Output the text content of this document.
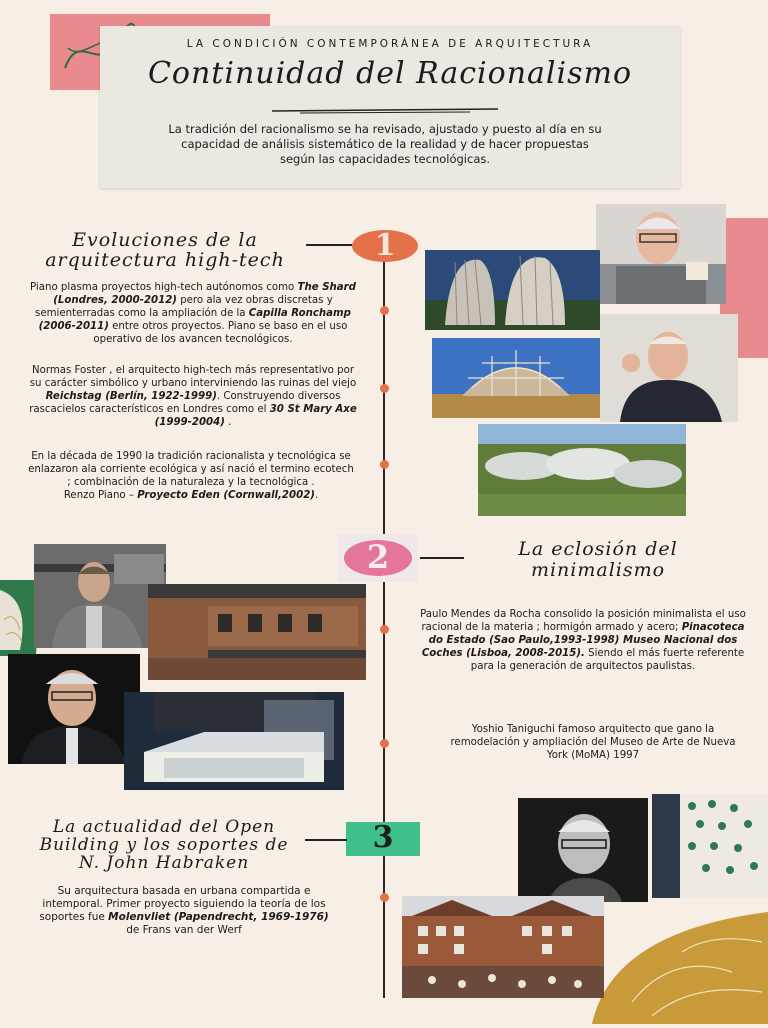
LA CONDICIÓN CONTEMPORÁNEA DE ARQUITECTURA
Continuidad del Racionalismo
La tradición del racionalismo se ha revisado, ajustado y puesto al día en su capacidad de análisis sistemático de la realidad y de hacer propuestas según las capacidades tecnológicas.
1
Evoluciones de la
arquitectura high-tech
Piano plasma proyectos high-tech autónomos como The Shard (Londres, 2000-2012) pero ala vez obras discretas y semienterradas como la ampliación de la Capilla Ronchamp (2006-2011) entre otros proyectos. Piano se baso en el uso operativo de los avancen tecnológicos.
Normas Foster , el arquitecto high-tech más representativo por su carácter simbólico y urbano interviniendo las ruinas del viejo Reichstag (Berlín, 1922-1999). Construyendo diversos rascacielos característicos en Londres como el 30 St Mary Axe (1999-2004) .
En la década de 1990 la tradición racionalista y tecnológica se enlazaron ala corriente ecológica y así nació el termino ecotech ; combinación de la naturaleza y la tecnológica .
Renzo Piano – Proyecto Eden (Cornwall,2002).
2	La eclosión del
minimalismo
Paulo Mendes da Rocha consolido la posición minimalista el uso racional de la materia ; hormigón armado y acero; Pinacoteca do Estado (Sao Paulo,1993-1998) Museo Nacional dos Coches (Lisboa, 2008-2015). Siendo el más fuerte referente para la generación de arquitectos paulistas.
Yoshio Taniguchi famoso arquitecto que gano la remodelación y ampliación del Museo de Arte de Nueva York (MoMA) 1997
3
La actualidad del Open
Building y los soportes de
N. John Habraken
Su arquitectura basada en urbana compartida e intemporal. Primer proyecto siguiendo la teoría de los soportes fue Molenvliet (Papendrecht, 1969-1976) de Frans van der Werf
